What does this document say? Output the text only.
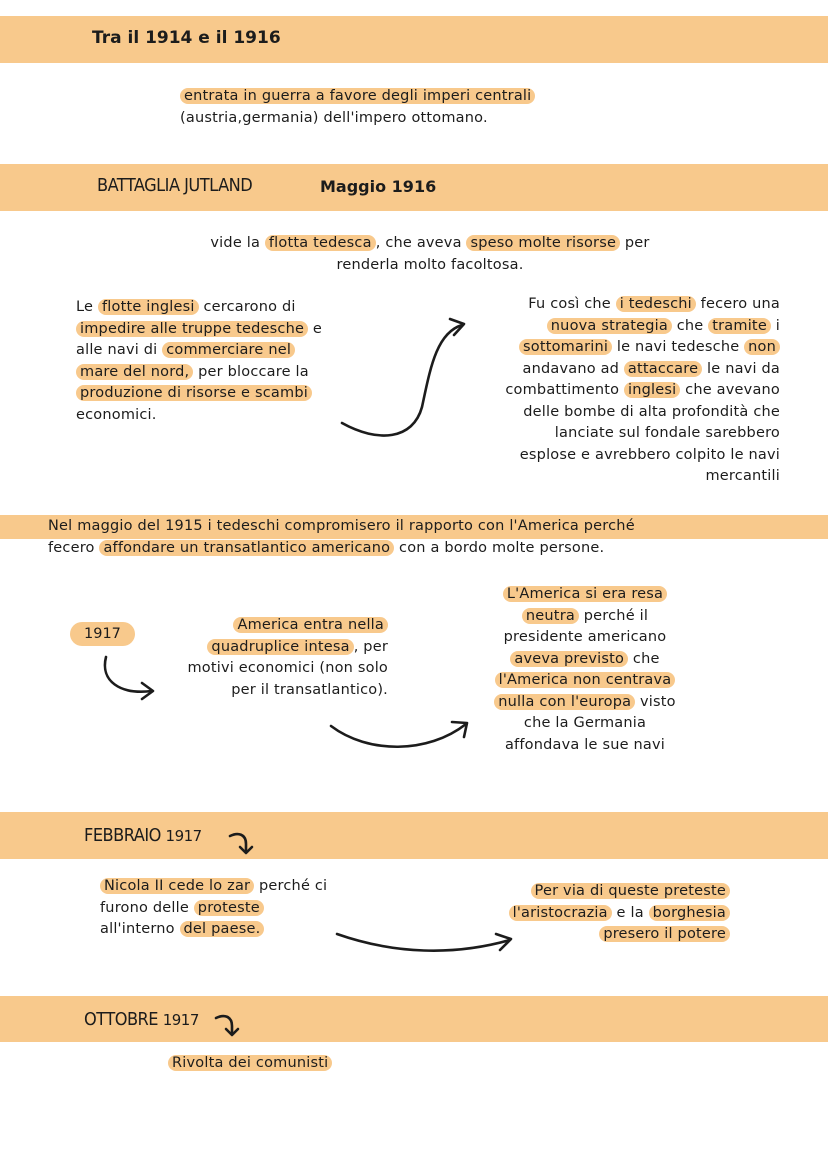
Tra il 1914 e il 1916
entrata in guerra a favore degli imperi centrali
(austria,germania) dell'impero ottomano.
BATTAGLIA JUTLAND	Maggio 1916
vide la flotta tedesca , che aveva speso molte risorse per
renderla molto facoltosa.
Le flotte inglesi cercarono di
impedire alle truppe tedesche e
alle navi di commerciare nel
mare del nord, per bloccare la
produzione di risorse e scambi
economici.
Fu così che i tedeschi fecero una
nuova strategia che tramite i
sottomarini le navi tedesche non
andavano ad attaccare le navi da
combattimento inglesi che avevano
delle bombe di alta profondità che
lanciate sul fondale sarebbero
esplose e avrebbero colpito le navi
mercantili
Nel maggio del 1915 i tedeschi compromisero il rapporto con l'America perché
fecero affondare un transatlantico americano con a bordo molte persone.
1917
America entra nella
quadruplice intesa , per
motivi economici (non solo
per il transatlantico).
L'America si era resa
neutra perché il
presidente americano
aveva previsto che
l'America non centrava
nulla con l'europa visto
che la Germania
affondava le sue navi
FEBBRAIO 1917
Nicola II cede lo zar perché ci
furono delle proteste
all'interno del paese.
Per via di queste preteste
l'aristocrazia e la borghesia
presero il potere
OTTOBRE 1917
Rivolta dei comunisti
